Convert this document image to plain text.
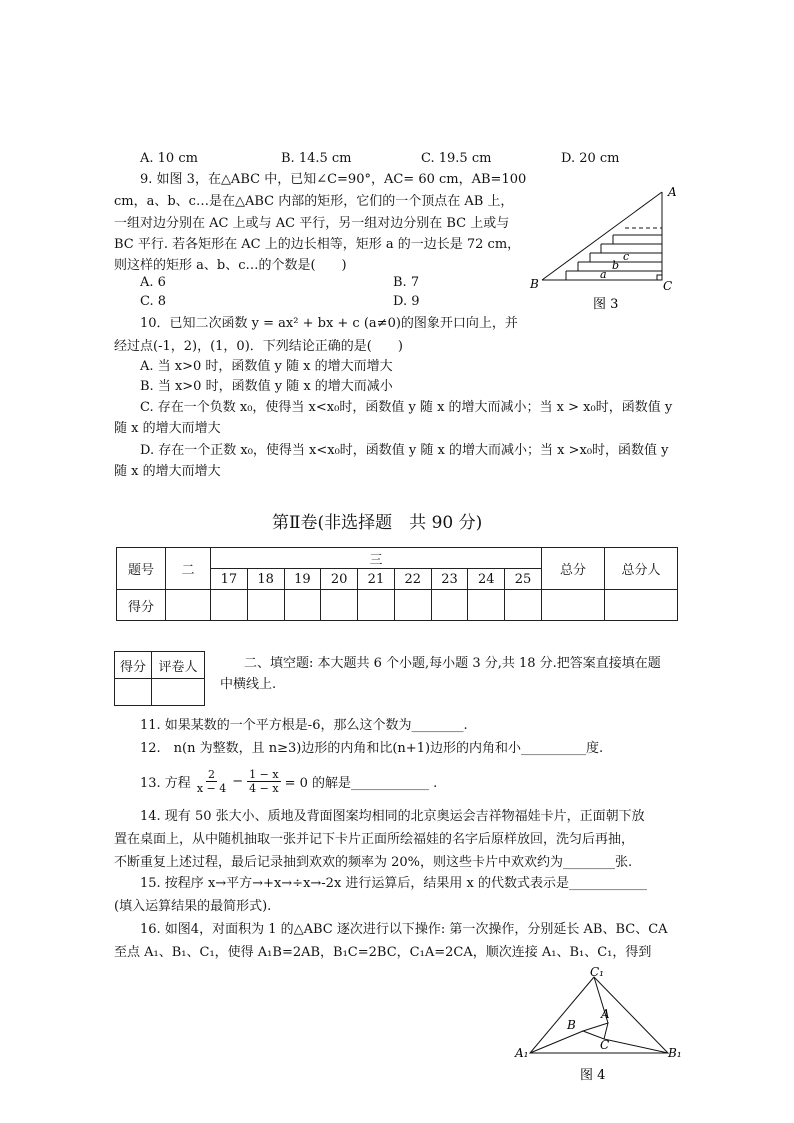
A. 10 cm	B. 14.5 cm	C. 19.5 cm	D. 20 cm
9. 如图 3，在△ABC 中，已知∠C=90°，AC= 60 cm，AB=100
cm，a、b、c…是在△ABC 内部的矩形，它们的一个顶点在 AB 上，
一组对边分别在 AC 上或与 AC 平行，另一组对边分别在 BC 上或与
BC 平行. 若各矩形在 AC 上的边长相等，矩形 a 的一边长是 72 cm，
则这样的矩形 a、b、c…的个数是(　　)
A. 6	B. 7
C. 8	D. 9
A
B	C
a
b
c
图 3
10．已知二次函数 y = ax² + bx + c (a≠0)的图象开口向上，并
经过点(-1，2)，(1，0)．下列结论正确的是(　　)
A. 当 x>0 时，函数值 y 随 x 的增大而增大
B. 当 x>0 时，函数值 y 随 x 的增大而减小
C. 存在一个负数 x₀，使得当 x<x₀时，函数值 y 随 x 的增大而减小；当 x > x₀时，函数值 y
随 x 的增大而增大
D. 存在一个正数 x₀，使得当 x<x₀时，函数值 y 随 x 的增大而减小；当 x >x₀时，函数值 y
随 x 的增大而增大
第Ⅱ卷(非选择题　共 90 分)
题号	二	三									总分	总分人
		17	18	19	20	21	22	23	24	25		
得分												
得分	评卷人
		二、填空题: 本大题共 6 个小题,每小题 3 分,共 18 分.把答案直接填在题
中横线上.
11. 如果某数的一个平方根是-6，那么这个数为________.
12.　n(n 为整数，且 n≥3)边形的内角和比(n+1)边形的内角和小__________度.
13. 方程 $\frac{2}{x - 4} - \frac{1 - x}{4 - x} = 0$ 的解是____________ .
14. 现有 50 张大小、质地及背面图案均相同的北京奥运会吉祥物福娃卡片，正面朝下放
置在桌面上，从中随机抽取一张并记下卡片正面所绘福娃的名字后原样放回，洗匀后再抽，
不断重复上述过程，最后记录抽到欢欢的频率为 20%，则这些卡片中欢欢约为________张.
15. 按程序 x→平方→+x→÷x→-2x 进行运算后，结果用 x 的代数式表示是____________
(填入运算结果的最简形式).
16. 如图4，对面积为 1 的△ABC 逐次进行以下操作: 第一次操作，分别延长 AB、BC、CA
至点 A₁、B₁、C₁，使得 A₁B=2AB，B₁C=2BC，C₁A=2CA，顺次连接 A₁、B₁、C₁，得到
C₁
A
B
C
A₁	B₁
图 4
